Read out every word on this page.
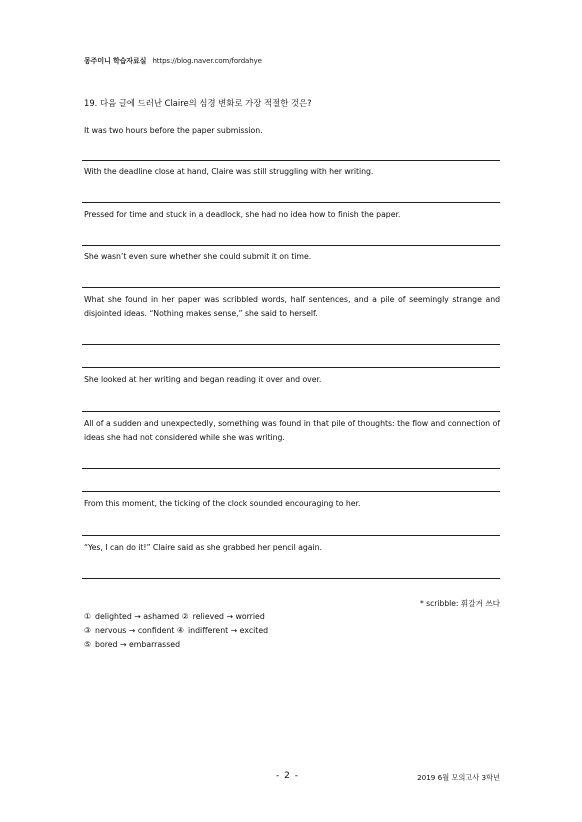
몽주미니 학습자료실 https://blog.naver.com/fordahye
19. 다음 글에 드러난 Claire의 심경 변화로 가장 적절한 것은?
It was two hours before the paper submission.
With the deadline close at hand, Claire was still struggling with her writing.
Pressed for time and stuck in a deadlock, she had no idea how to finish the paper.
She wasn’t even sure whether she could submit it on time.
What she found in her paper was scribbled words, half sentences, and a pile of seemingly strange and disjointed ideas. “Nothing makes sense,” she said to herself.
She looked at her writing and began reading it over and over.
All of a sudden and unexpectedly, something was found in that pile of thoughts: the flow and connection of ideas she had not considered while she was writing.
From this moment, the ticking of the clock sounded encouraging to her.
“Yes, I can do it!” Claire said as she grabbed her pencil again.
* scribble: 휘갈겨 쓰다
① delighted → ashamed ② relieved → worried
③ nervous → confident ④ indifferent → excited
⑤ bored → embarrassed
- 2 -	2019 6월 모의고사 3학년
